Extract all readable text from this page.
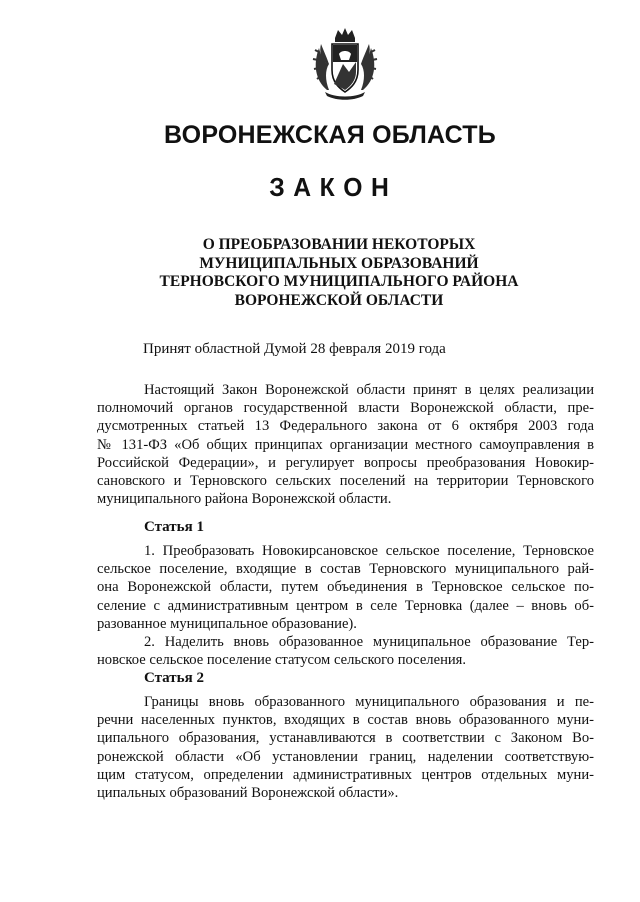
ВОРОНЕЖСКАЯ ОБЛАСТЬ
ЗАКОН
О ПРЕОБРАЗОВАНИИ НЕКОТОРЫХ
МУНИЦИПАЛЬНЫХ ОБРАЗОВАНИЙ
ТЕРНОВСКОГО МУНИЦИПАЛЬНОГО РАЙОНА
ВОРОНЕЖСКОЙ ОБЛАСТИ
Принят областной Думой 28 февраля 2019 года
Настоящий Закон Воронежской области принят в целях реализации
полномочий органов государственной власти Воронежской области, пре-
дусмотренных статьей 13 Федерального закона от 6 октября 2003 года
№ 131-ФЗ «Об общих принципах организации местного самоуправления в
Российской Федерации», и регулирует вопросы преобразования Новокир-
сановского и Терновского сельских поселений на территории Терновского
муниципального района Воронежской области.
Статья 1
1. Преобразовать Новокирсановское сельское поселение, Терновское
сельское поселение, входящие в состав Терновского муниципального рай-
она Воронежской области, путем объединения в Терновское сельское по-
селение с административным центром в селе Терновка (далее – вновь об-
разованное муниципальное образование).
2. Наделить вновь образованное муниципальное образование Тер-
новское сельское поселение статусом сельского поселения.
Статья 2
Границы вновь образованного муниципального образования и пе-
речни населенных пунктов, входящих в состав вновь образованного муни-
ципального образования, устанавливаются в соответствии с Законом Во-
ронежской области «Об установлении границ, наделении соответствую-
щим статусом, определении административных центров отдельных муни-
ципальных образований Воронежской области».
